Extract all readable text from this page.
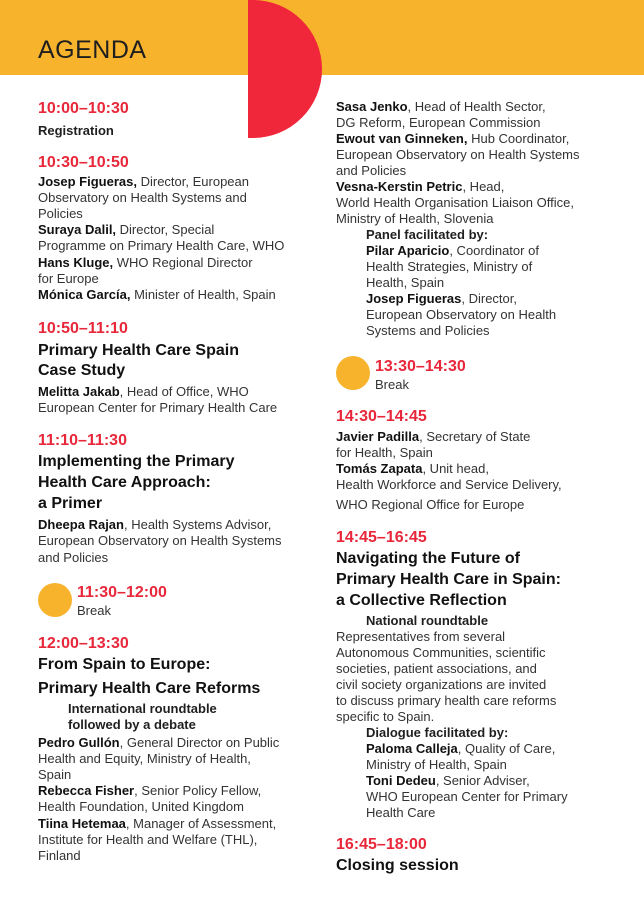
AGENDA
10:00–10:30
Registration
10:30–10:50
Josep Figueras, Director, European
Observatory on Health Systems and
Policies
Suraya Dalil, Director, Special
Programme on Primary Health Care, WHO
Hans Kluge, WHO Regional Director
for Europe
Mónica García, Minister of Health, Spain
10:50–11:10
Primary Health Care Spain
Case Study
Melitta Jakab, Head of Office, WHO
European Center for Primary Health Care
11:10–11:30
Implementing the Primary
Health Care Approach:
a Primer
Dheepa Rajan, Health Systems Advisor,
European Observatory on Health Systems
and Policies
11:30–12:00
Break
12:00–13:30
From Spain to Europe:
Primary Health Care Reforms
International roundtable
followed by a debate
Pedro Gullón, General Director on Public
Health and Equity, Ministry of Health,
Spain
Rebecca Fisher, Senior Policy Fellow,
Health Foundation, United Kingdom
Tiina Hetemaa, Manager of Assessment,
Institute for Health and Welfare (THL),
Finland
Sasa Jenko, Head of Health Sector,
DG Reform, European Commission
Ewout van Ginneken, Hub Coordinator,
European Observatory on Health Systems
and Policies
Vesna-Kerstin Petric, Head,
World Health Organisation Liaison Office,
Ministry of Health, Slovenia
Panel facilitated by:
Pilar Aparicio, Coordinator of
Health Strategies, Ministry of
Health, Spain
Josep Figueras, Director,
European Observatory on Health
Systems and Policies
13:30–14:30
Break
14:30–14:45
Javier Padilla, Secretary of State
for Health, Spain
Tomás Zapata, Unit head,
Health Workforce and Service Delivery,
WHO Regional Office for Europe
14:45–16:45
Navigating the Future of
Primary Health Care in Spain:
a Collective Reflection
National roundtable
Representatives from several
Autonomous Communities, scientific
societies, patient associations, and
civil society organizations are invited
to discuss primary health care reforms
specific to Spain.
Dialogue facilitated by:
Paloma Calleja, Quality of Care,
Ministry of Health, Spain
Toni Dedeu, Senior Adviser,
WHO European Center for Primary
Health Care
16:45–18:00
Closing session
